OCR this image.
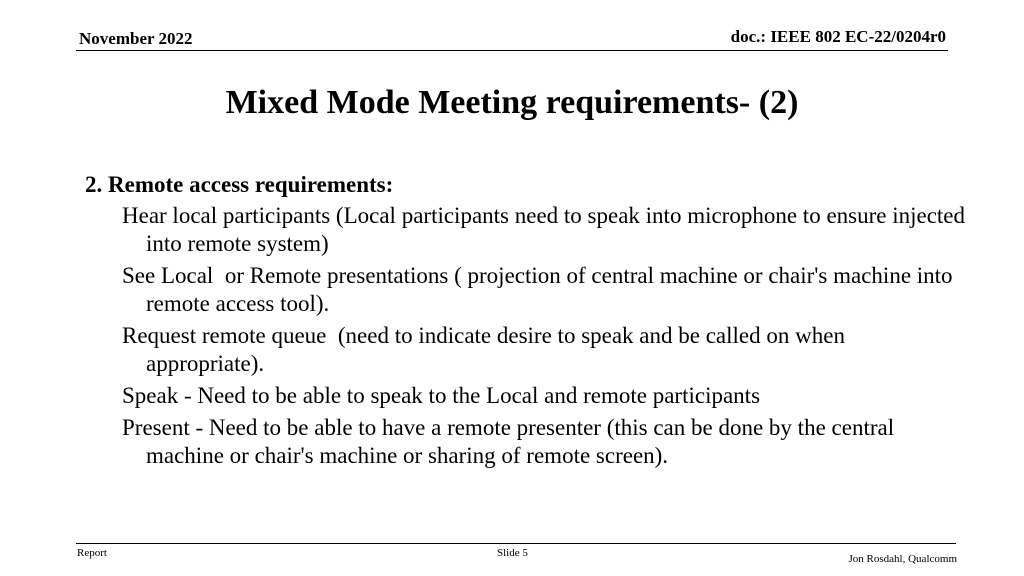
November 2022	doc.: IEEE 802 EC-22/0204r0
Mixed Mode Meeting requirements- (2)
2. Remote access requirements:
Hear local participants (Local participants need to speak into microphone to ensure injected into remote system)
See Local  or Remote presentations ( projection of central machine or chair's machine into remote access tool).
Request remote queue  (need to indicate desire to speak and be called on when appropriate).
Speak - Need to be able to speak to the Local and remote participants
Present - Need to be able to have a remote presenter (this can be done by the central machine or chair's machine or sharing of remote screen).
Report	Slide 5	Jon Rosdahl, Qualcomm
